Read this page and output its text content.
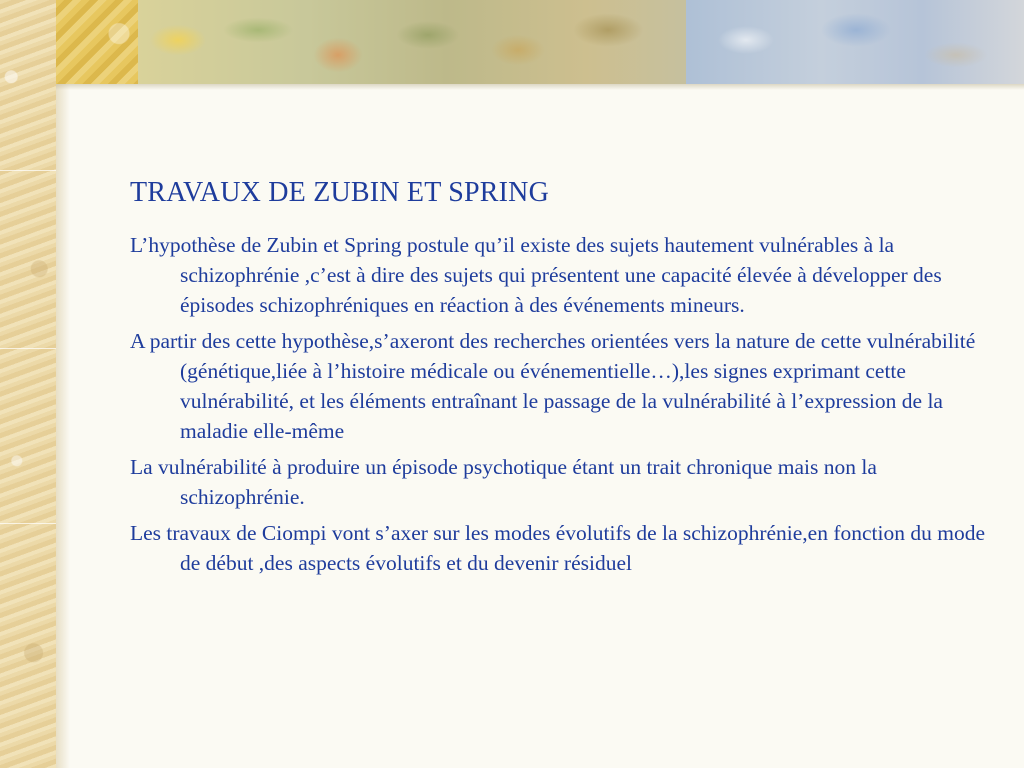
TRAVAUX DE ZUBIN ET SPRING

L’hypothèse de Zubin et Spring postule qu’il existe des sujets hautement vulnérables à la schizophrénie ,c’est à dire des sujets qui présentent une capacité élevée à développer des épisodes schizophréniques en réaction à des événements mineurs.

A partir des cette hypothèse,s’axeront des recherches orientées vers la nature de cette vulnérabilité (génétique,liée à l’histoire médicale ou événementielle…),les signes exprimant cette vulnérabilité, et les éléments entraînant le passage de la vulnérabilité à l’expression de la maladie elle-même

La vulnérabilité à produire un épisode psychotique étant un trait chronique mais non la schizophrénie.

Les travaux de Ciompi vont s’axer sur les modes évolutifs de la schizophrénie,en fonction du mode de début ,des aspects évolutifs et du devenir résiduel
